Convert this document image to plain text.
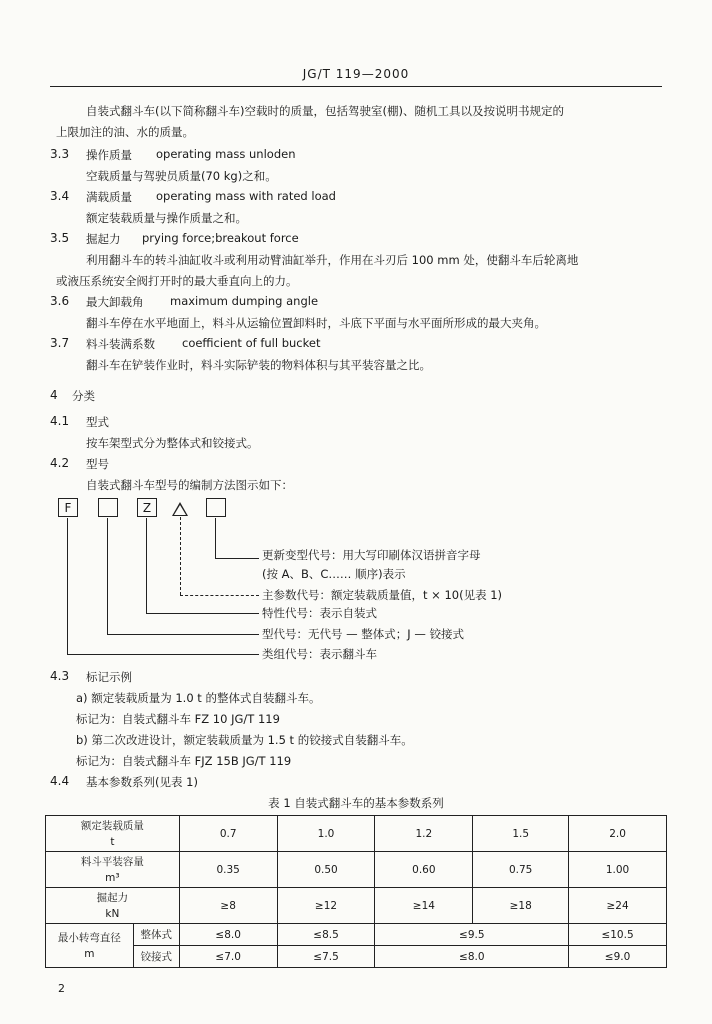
JG/T 119—2000
自装式翻斗车(以下简称翻斗车)空载时的质量，包括驾驶室(棚)、随机工具以及按说明书规定的
上限加注的油、水的质量。
3.3 操作质量 operating mass unloden
空载质量与驾驶员质量(70 kg)之和。
3.4 满载质量 operating mass with rated load
额定装载质量与操作质量之和。
3.5 掘起力 prying force;breakout force
利用翻斗车的转斗油缸收斗或利用动臂油缸举升，作用在斗刃后 100 mm 处，使翻斗车后轮离地
或液压系统安全阀打开时的最大垂直向上的力。
3.6 最大卸载角 maximum dumping angle
翻斗车停在水平地面上，料斗从运输位置卸料时，斗底下平面与水平面所形成的最大夹角。
3.7 料斗装满系数 coefficient of full bucket
翻斗车在铲装作业时，料斗实际铲装的物料体积与其平装容量之比。
4 分类
4.1 型式
按车架型式分为整体式和铰接式。
4.2 型号
自装式翻斗车型号的编制方法图示如下：
F	Z
更新变型代号：用大写印刷体汉语拼音字母
(按 A、B、C…… 顺序)表示
主参数代号：额定装载质量值，t × 10(见表 1)
特性代号：表示自装式
型代号：无代号 — 整体式；J — 铰接式
类组代号：表示翻斗车
4.3 标记示例
a) 额定装载质量为 1.0 t 的整体式自装翻斗车。
标记为：自装式翻斗车 FZ 10 JG/T 119
b) 第二次改进设计，额定装载质量为 1.5 t 的铰接式自装翻斗车。
标记为：自装式翻斗车 FJZ 15B JG/T 119
4.4 基本参数系列(见表 1)
表 1 自装式翻斗车的基本参数系列
额定装载质量
t		0.7	1.0	1.2	1.5	2.0

料斗平装容量
m³		0.35	0.50	0.60	0.75	1.00

掘起力
kN		≥8	≥12	≥14	≥18	≥24

最小转弯直径
m	整体式	≤8.0	≤8.5	≤9.5		≤10.5
	铰接式	≤7.0	≤7.5	≤8.0		≤9.0
2
